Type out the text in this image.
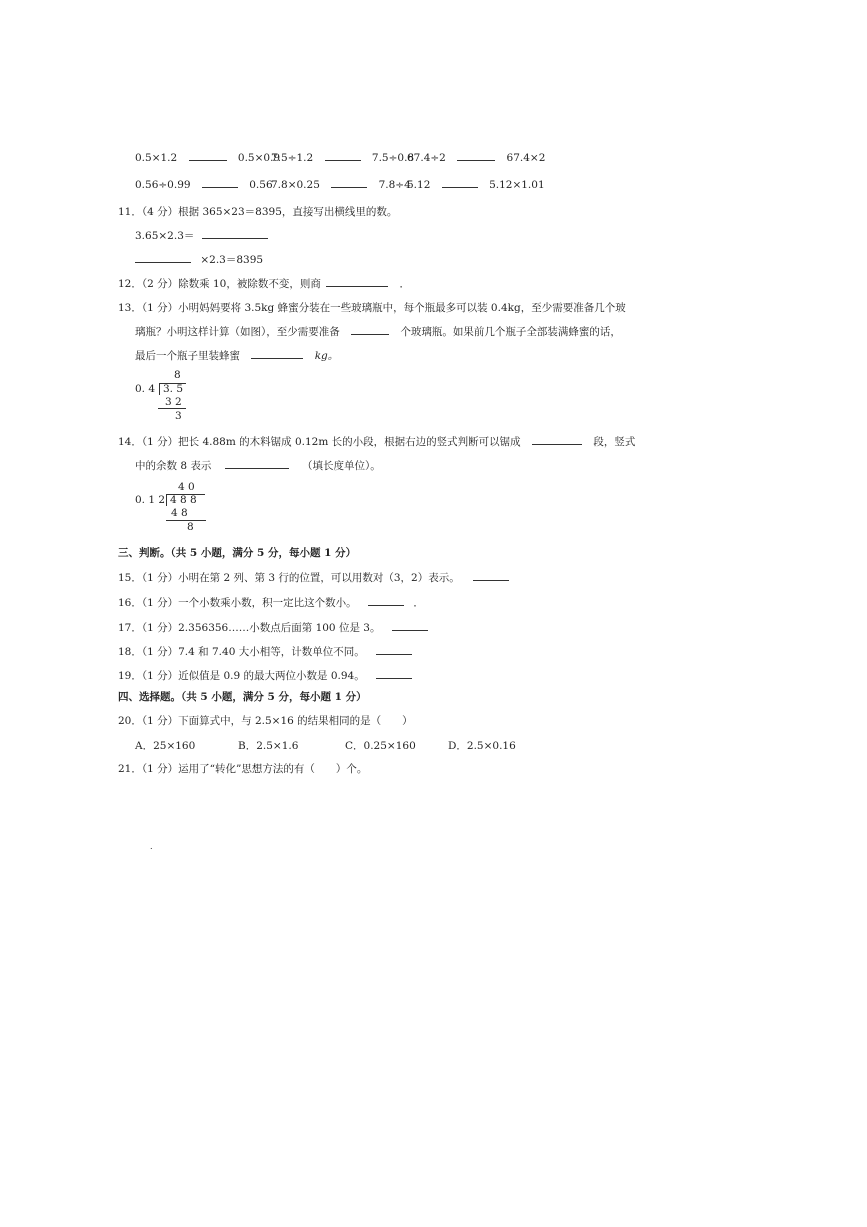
0.5×1.2	0.5×0.9
7.5÷1.2	7.5÷0.8
67.4÷2	67.4×2
0.56÷0.99	0.56
7.8×0.25	7.8÷4
5.12	5.12×1.01
11．（4 分）根据 365×23＝8395，直接写出横线里的数。
3.65×2.3＝
×2.3＝8395
12．（2 分）除数乘 10，被除数不变，则商	．
13．（1 分）小明妈妈要将 3.5kg 蜂蜜分装在一些玻璃瓶中，每个瓶最多可以装 0.4kg，至少需要准备几个玻
璃瓶？小明这样计算（如图），至少需要准备	个玻璃瓶。如果前几个瓶子全部装满蜂蜜的话，
最后一个瓶子里装蜂蜜	kg。
8
0. 4 3. 5
3 2
3
14．（1 分）把长 4.88m 的木料锯成 0.12m 长的小段，根据右边的竖式判断可以锯成	段，竖式
中的余数 8 表示	（填长度单位）。
4 0
0. 1 2 4 8 8
4 8
8
三、判断。（共 5 小题，满分 5 分，每小题 1 分）
15．（1 分）小明在第 2 列、第 3 行的位置，可以用数对（3，2）表示。
16．（1 分）一个小数乘小数，积一定比这个数小。	．
17．（1 分）2.356356……小数点后面第 100 位是 3。
18．（1 分）7.4 和 7.40 大小相等，计数单位不同。
19．（1 分）近似值是 0.9 的最大两位小数是 0.94。
四、选择题。（共 5 小题，满分 5 分，每小题 1 分）
20．（1 分）下面算式中，与 2.5×16 的结果相同的是（　　）
A．25×160	B．2.5×1.6	C．0.25×160	D．2.5×0.16
21．（1 分）运用了“转化”思想方法的有（　　）个。
.
